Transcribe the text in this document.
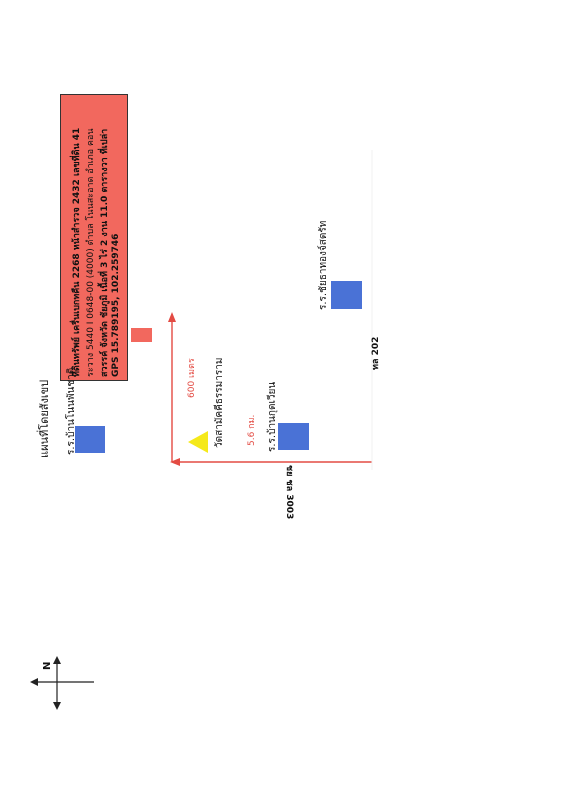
ที่ดินทรัพย์ เครื่นเบกทคืน 2268 หน้าสำรวจ 2432 เลขที่ดิน 41 ระวาง 5440 I 0648-00 (4000) ตำบล โนนสะอาด อำเภอ คอน สวรรค์ จังหวัด ชัยภูมิ เนื้อที่ 3 ไร่ 2 งาน 11.0 ตารางวา ที่เปล่า GPS 15.789195, 102.259746
แผนที่โดยสังเขป ร.ร.บ้านโนนพันชาติ	600 เมตร วัดสามัคคีธรรมาราม	5.6 กม. ร.ร.บ้านกุดเวียน
ชย ชล 3003
ร.ร.ชัยธาทองจ์สดรัท
ทล 202
N
